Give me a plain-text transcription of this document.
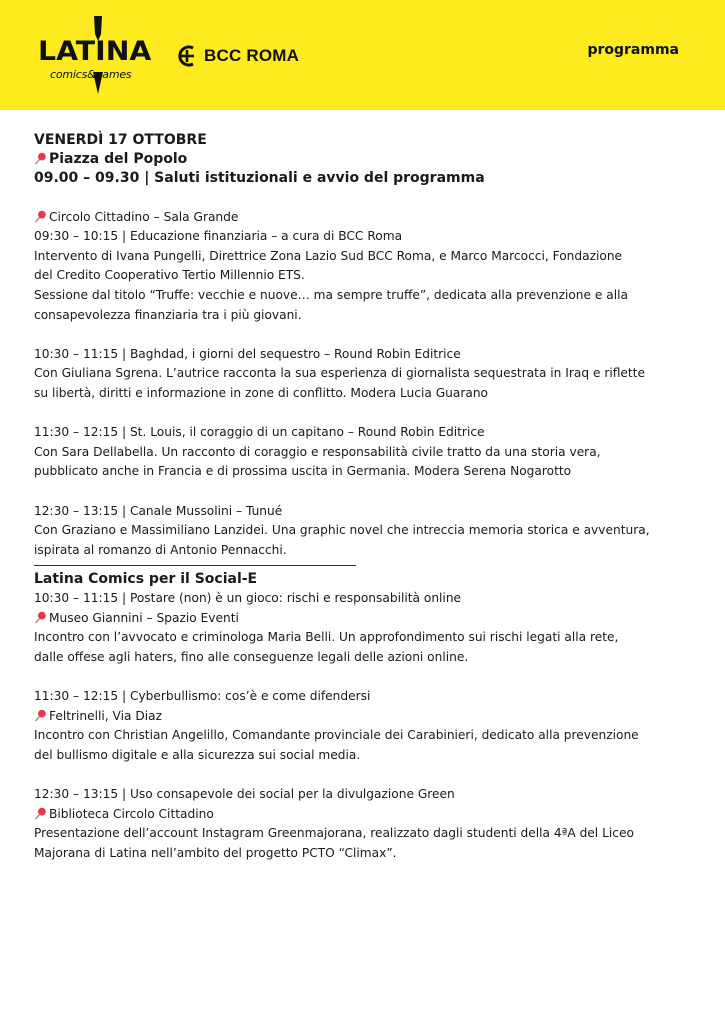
LATINA
comics&games
BCC ROMA	programma
VENERDÌ 17 OTTOBRE
Piazza del Popolo
09.00 – 09.30 | Saluti istituzionali e avvio del programma
Circolo Cittadino – Sala Grande
09:30 – 10:15 | Educazione finanziaria – a cura di BCC Roma
Intervento di Ivana Pungelli, Direttrice Zona Lazio Sud BCC Roma, e Marco Marcocci, Fondazione
del Credito Cooperativo Tertio Millennio ETS.
Sessione dal titolo “Truffe: vecchie e nuove… ma sempre truffe”, dedicata alla prevenzione e alla
consapevolezza finanziaria tra i più giovani.
10:30 – 11:15 | Baghdad, i giorni del sequestro – Round Robin Editrice
Con Giuliana Sgrena. L’autrice racconta la sua esperienza di giornalista sequestrata in Iraq e riflette
su libertà, diritti e informazione in zone di conflitto. Modera Lucia Guarano
11:30 – 12:15 | St. Louis, il coraggio di un capitano – Round Robin Editrice
Con Sara Dellabella. Un racconto di coraggio e responsabilità civile tratto da una storia vera,
pubblicato anche in Francia e di prossima uscita in Germania. Modera Serena Nogarotto
12:30 – 13:15 | Canale Mussolini – Tunué
Con Graziano e Massimiliano Lanzidei. Una graphic novel che intreccia memoria storica e avventura,
ispirata al romanzo di Antonio Pennacchi.
Latina Comics per il Social-E
10:30 – 11:15 | Postare (non) è un gioco: rischi e responsabilità online
Museo Giannini – Spazio Eventi
Incontro con l’avvocato e criminologa Maria Belli. Un approfondimento sui rischi legati alla rete,
dalle offese agli haters, fino alle conseguenze legali delle azioni online.
11:30 – 12:15 | Cyberbullismo: cos’è e come difendersi
Feltrinelli, Via Diaz
Incontro con Christian Angelillo, Comandante provinciale dei Carabinieri, dedicato alla prevenzione
del bullismo digitale e alla sicurezza sui social media.
12:30 – 13:15 | Uso consapevole dei social per la divulgazione Green
Biblioteca Circolo Cittadino
Presentazione dell’account Instagram Greenmajorana, realizzato dagli studenti della 4ªA del Liceo
Majorana di Latina nell’ambito del progetto PCTO “Climax”.
